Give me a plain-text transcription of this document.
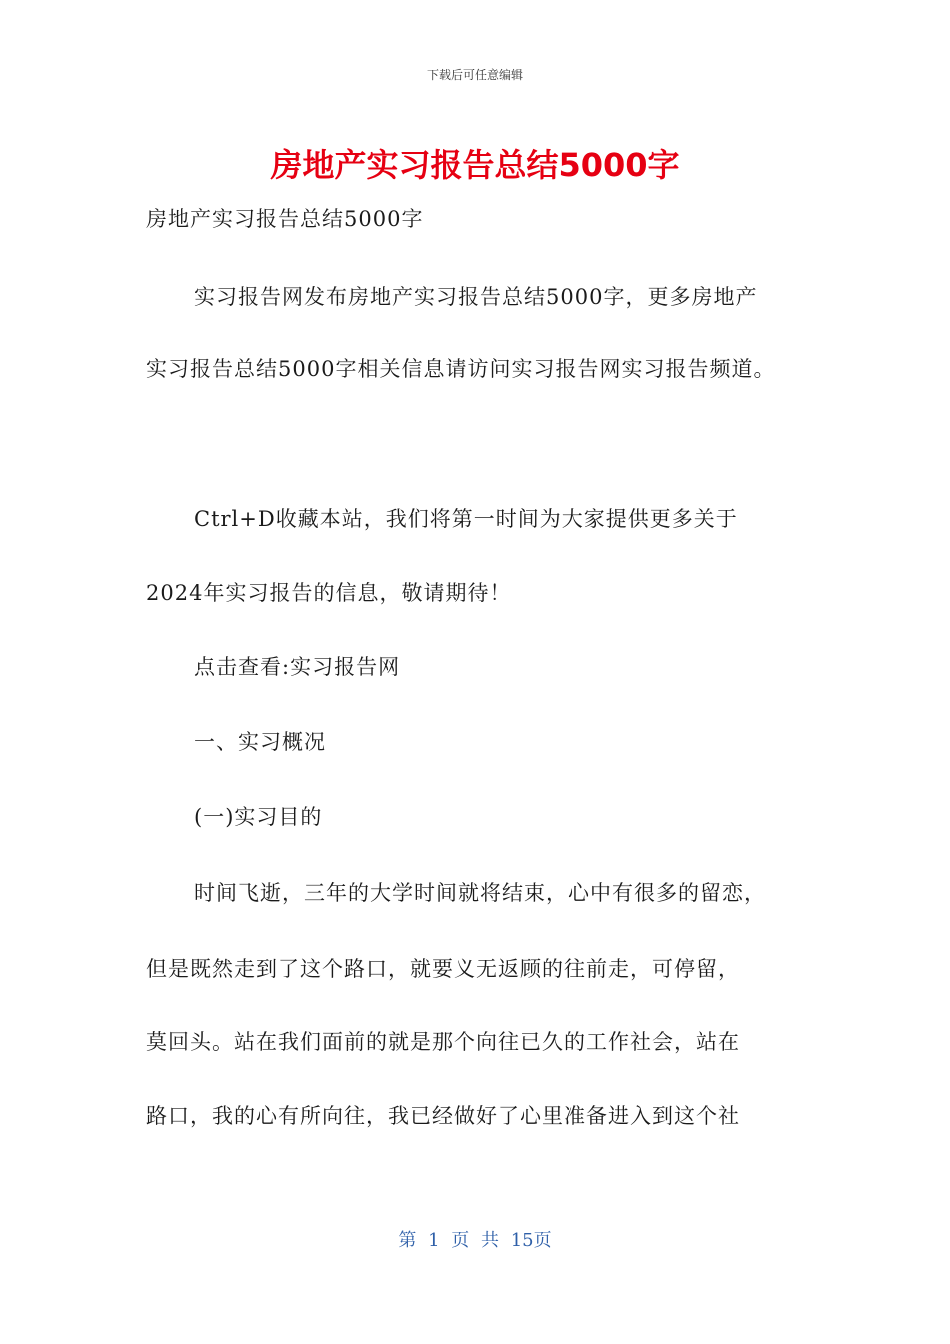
下载后可任意编辑
房地产实习报告总结5000字
房地产实习报告总结5000字
实习报告网发布房地产实习报告总结5000字，更多房地产
实习报告总结5000字相关信息请访问实习报告网实习报告频道。
Ctrl+D收藏本站，我们将第一时间为大家提供更多关于
2024年实习报告的信息，敬请期待！
点击查看:实习报告网
一、实习概况
(一)实习目的
时间飞逝，三年的大学时间就将结束，心中有很多的留恋，
但是既然走到了这个路口，就要义无返顾的往前走，可停留，
莫回头。站在我们面前的就是那个向往已久的工作社会，站在
路口，我的心有所向往，我已经做好了心里准备进入到这个社
第 1 页 共 15页
